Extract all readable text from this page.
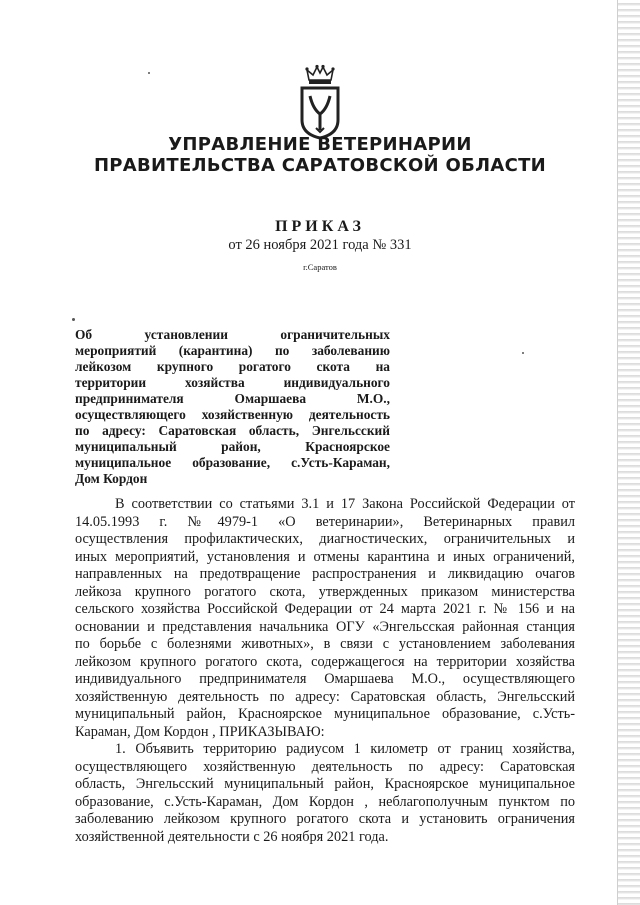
УПРАВЛЕНИЕ ВЕТЕРИНАРИИ
ПРАВИТЕЛЬСТВА САРАТОВСКОЙ ОБЛАСТИ
ПРИКАЗ
от 26 ноября 2021 года № 331
г.Саратов
Об установлении ограничительных
мероприятий (карантина) по заболеванию
лейкозом крупного рогатого скота на
территории хозяйства индивидуального
предпринимателя Омаршаева М.О.,
осуществляющего хозяйственную деятельность
по адресу: Саратовская область, Энгельсский
муниципальный район, Красноярское
муниципальное образование, с.Усть-Караман,
Дом Кордон
В соответствии со статьями 3.1 и 17 Закона Российской Федерации от
14.05.1993 г. №4979-1 «О ветеринарии», Ветеринарных правил
осуществления профилактических, диагностических, ограничительных и
иных мероприятий, установления и отмены карантина и иных ограничений,
направленных на предотвращение распространения и ликвидацию очагов
лейкоза крупного рогатого скота, утвержденных приказом министерства
сельского хозяйства Российской Федерации от 24 марта 2021 г. № 156 и на
основании и представления начальника ОГУ «Энгельсская районная станция
по борьбе с болезнями животных», в связи с установлением заболевания
лейкозом крупного рогатого скота, содержащегося на территории хозяйства
индивидуального предпринимателя Омаршаева М.О., осуществляющего
хозяйственную деятельность по адресу: Саратовская область, Энгельсский
муниципальный район, Красноярское муниципальное образование, с.Усть-
Караман, Дом Кордон , ПРИКАЗЫВАЮ:
1. Объявить территорию радиусом 1 километр от границ хозяйства,
осуществляющего хозяйственную деятельность по адресу: Саратовская
область, Энгельсский муниципальный район, Красноярское муниципальное
образование, с.Усть-Караман, Дом Кордон , неблагополучным пунктом по
заболеванию лейкозом крупного рогатого скота и установить ограничения
хозяйственной деятельности с 26 ноября 2021 года.
